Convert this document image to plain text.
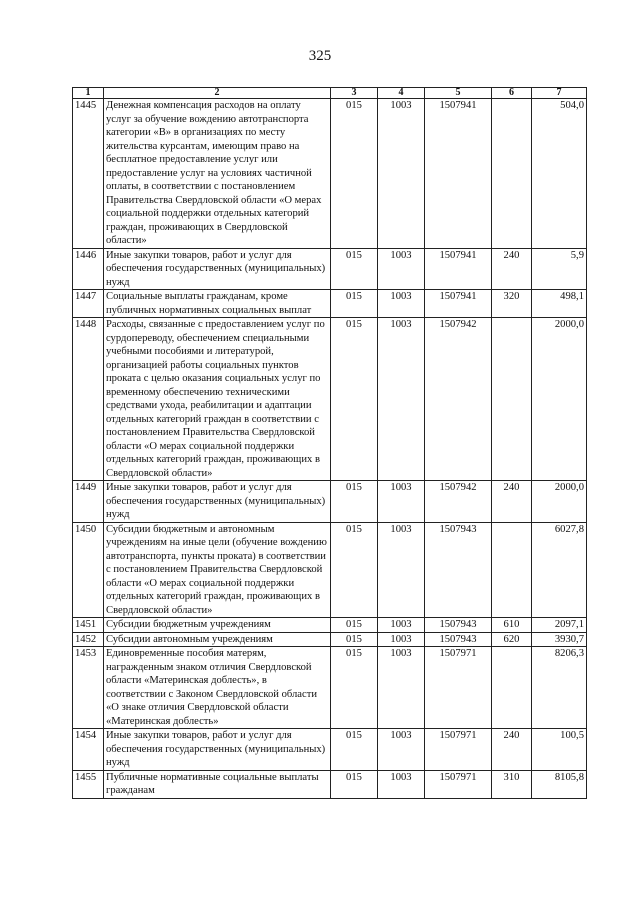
325
1	2	3	4	5	6	7
1445	Денежная компенсация расходов на оплату услуг за обучение вождению автотранспорта категории «В» в организациях по месту жительства курсантам, имеющим право на бесплатное предоставление услуг или предоставление услуг на условиях частичной оплаты, в соответствии с постановлением Правительства Свердловской области «О мерах социальной поддержки отдельных категорий граждан, проживающих в Свердловской области»	015	1003	1507941		504,0
1446	Иные закупки товаров, работ и услуг для обеспечения государственных (муниципальных) нужд	015	1003	1507941	240	5,9
1447	Социальные выплаты гражданам, кроме публичных нормативных социальных выплат	015	1003	1507941	320	498,1
1448	Расходы, связанные с предоставлением услуг по сурдопереводу, обеспечением специальными учебными пособиями и литературой, организацией работы социальных пунктов проката с целью оказания социальных услуг по временному обеспечению техническими средствами ухода, реабилитации и адаптации отдельных категорий граждан в соответствии с постановлением Правительства Свердловской области «О мерах социальной поддержки отдельных категорий граждан, проживающих в Свердловской области»	015	1003	1507942		2000,0
1449	Иные закупки товаров, работ и услуг для обеспечения государственных (муниципальных) нужд	015	1003	1507942	240	2000,0
1450	Субсидии бюджетным и автономным учреждениям на иные цели (обучение вождению автотранспорта, пункты проката) в соответствии с постановлением Правительства Свердловской области «О мерах социальной поддержки отдельных категорий граждан, проживающих в Свердловской области»	015	1003	1507943		6027,8
1451	Субсидии бюджетным учреждениям	015	1003	1507943	610	2097,1
1452	Субсидии автономным учреждениям	015	1003	1507943	620	3930,7
1453	Единовременные пособия матерям, награжденным знаком отличия Свердловской области «Материнская доблесть», в соответствии с Законом Свердловской области «О знаке отличия Свердловской области «Материнская доблесть»	015	1003	1507971		8206,3
1454	Иные закупки товаров, работ и услуг для обеспечения государственных (муниципальных) нужд	015	1003	1507971	240	100,5
1455	Публичные нормативные социальные выплаты гражданам	015	1003	1507971	310	8105,8
